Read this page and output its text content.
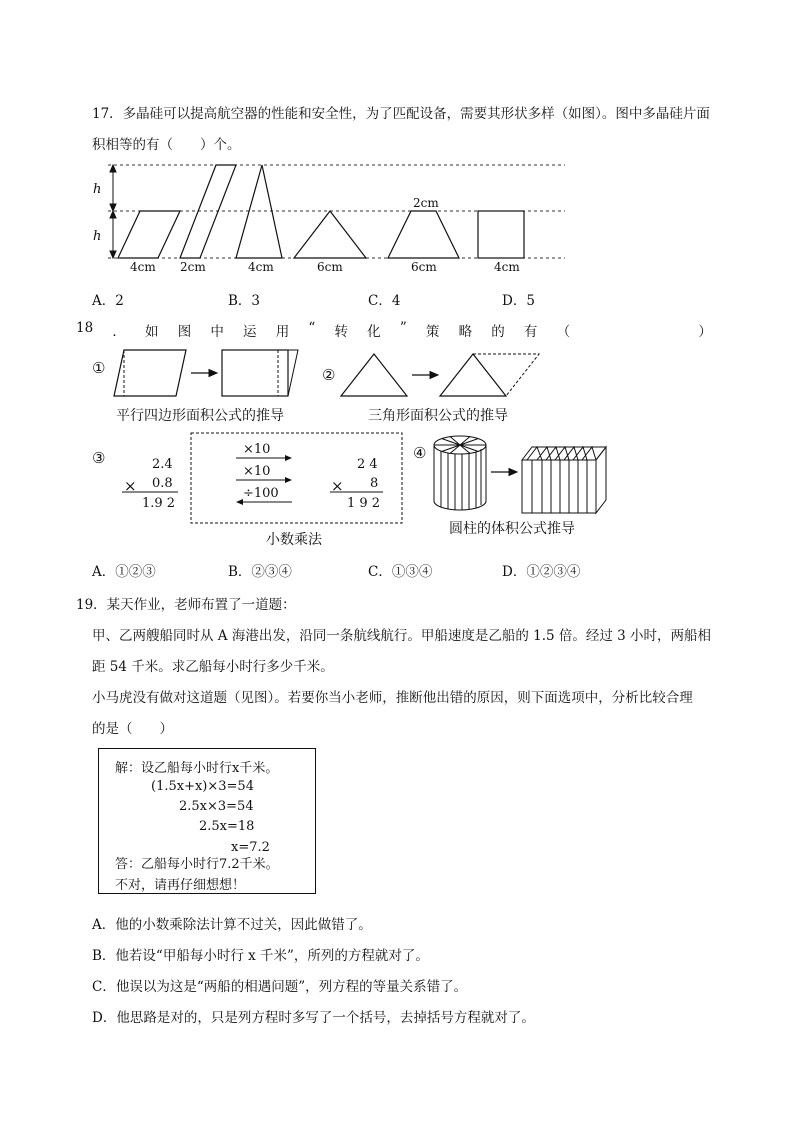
17．多晶硅可以提高航空器的性能和安全性，为了匹配设备，需要其形状多样（如图）。图中多晶硅片面
积相等的有（　　）个。
h
h
2cm
4cm 2cm	4cm	6cm	6cm	4cm
A．2	B．3	C．4	D．5
18 ． 如 图 中 运 用 “ 转 化 ” 策 略 的 有 （	）
①
平行四边形面积公式的推导
②
三角形面积公式的推导
③	2.4
× 0.8
1.9 2
×10
×10
÷100
2 4
× 8
1 9 2
小数乘法
④
圆柱的体积公式推导
A．①②③	B．②③④	C．①③④	D．①②③④
19．某天作业，老师布置了一道题：
甲、乙两艘船同时从 A 海港出发，沿同一条航线航行。甲船速度是乙船的 1.5 倍。经过 3 小时，两船相
距 54 千米。求乙船每小时行多少千米。
小马虎没有做对这道题（见图）。若要你当小老师，推断他出错的原因，则下面选项中，分析比较合理
的是（　　）
解：设乙船每小时行x千米。
(1.5x+x)×3=54
2.5x×3=54
2.5x=18
x=7.2
答：乙船每小时行7.2千米。
不对，请再仔细想想！
A．他的小数乘除法计算不过关，因此做错了。
B．他若设“甲船每小时行 x 千米”，所列的方程就对了。
C．他误以为这是“两船的相遇问题”，列方程的等量关系错了。
D．他思路是对的，只是列方程时多写了一个括号，去掉括号方程就对了。
